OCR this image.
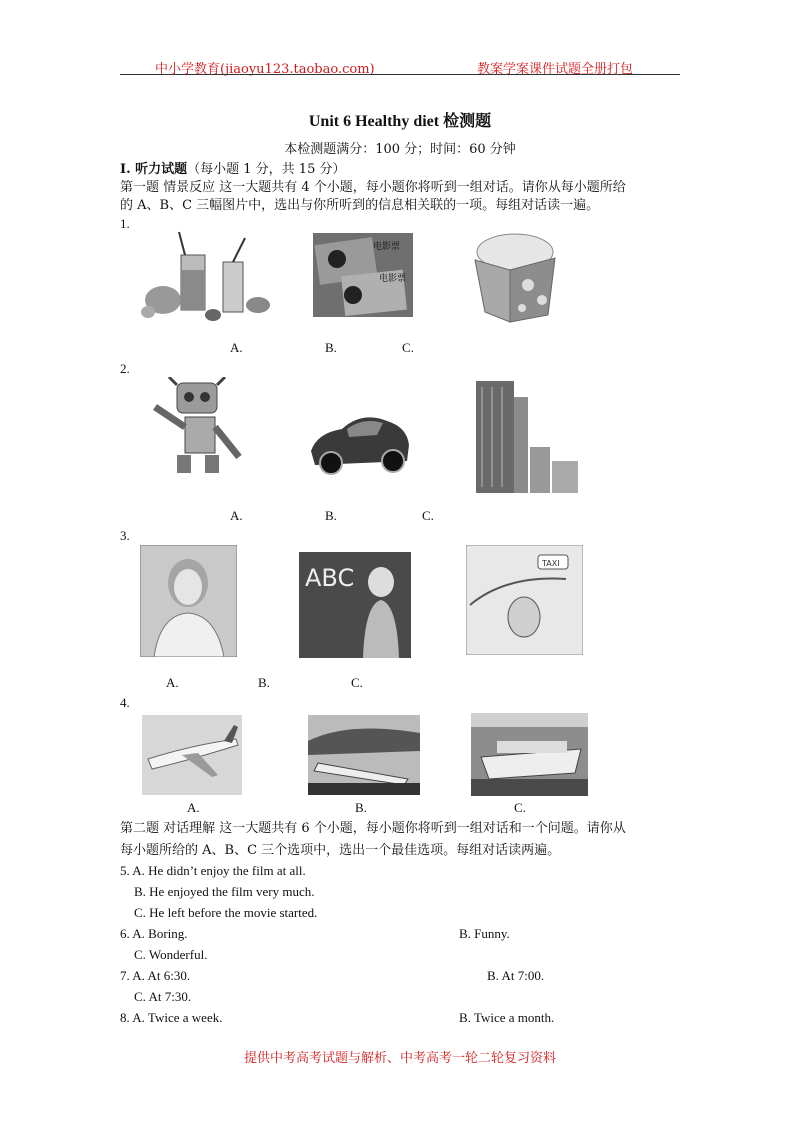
中小学教育(jiaoyu123.taobao.com)	教案学案课件试题全册打包
Unit 6 Healthy diet 检测题
本检测题满分：100 分；时间：60 分钟
Ⅰ. 听力试题（每小题 1 分，共 15 分）
第一题 情景反应 这一大题共有 4 个小题，每小题你将听到一组对话。请你从每小题所给
的 A、B、C 三幅图片中，选出与你所听到的信息相关联的一项。每组对话读一遍。
1.
电影票
电影票
A.	B.	C.
2.
A.	B.	C.
3.
ABC
TAXI
A.	B.	C.
4.
A.	B.	C.
第二题 对话理解 这一大题共有 6 个小题，每小题你将听到一组对话和一个问题。请你从
每小题所给的 A、B、C 三个选项中，选出一个最佳选项。每组对话读两遍。
5. A. He didn’t enjoy the film at all.
B. He enjoyed the film very much.
C. He left before the movie started.
6. A. Boring.	B. Funny.
C. Wonderful.
7. A. At 6:30.	B. At 7:00.
C. At 7:30.
8. A. Twice a week.	B. Twice a month.
提供中考高考试题与解析、中考高考一轮二轮复习资料
